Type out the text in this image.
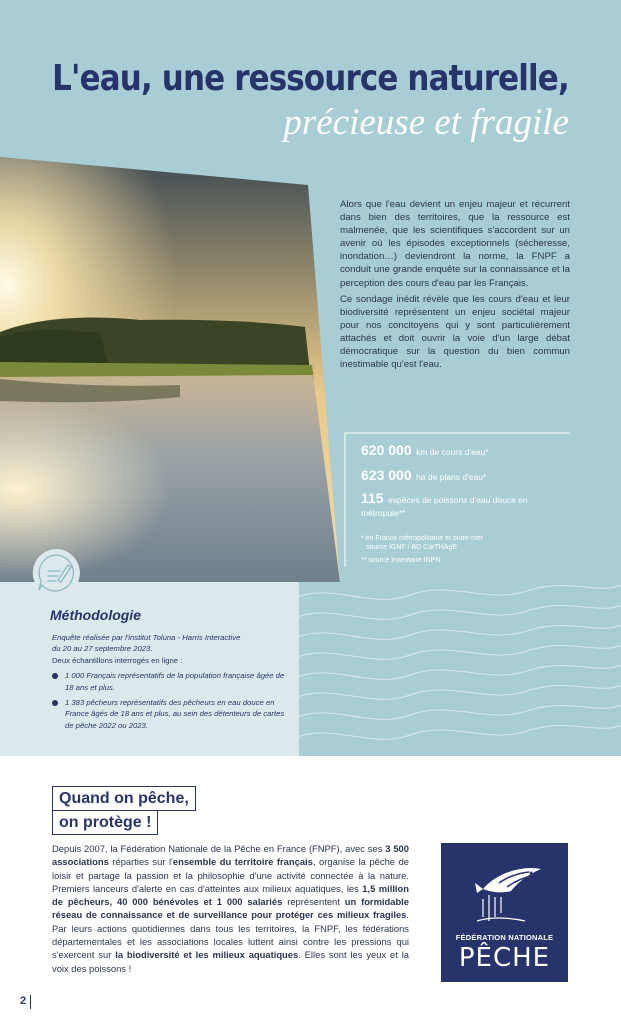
L'eau, une ressource naturelle,
précieuse et fragile

Alors que l'eau devient un enjeu majeur et récurrent dans bien des territoires, que la ressource est malmenée, que les scientifiques s'accordent sur un avenir où les épisodes exceptionnels (sécheresse, inondation…) deviendront la norme, la FNPF a conduit une grande enquête sur la connaissance et la perception des cours d'eau par les Français.

Ce sondage inédit révèle que les cours d'eau et leur biodiversité représentent un enjeu sociétal majeur pour nos concitoyens qui y sont particulièrement attachés et doit ouvrir la voie d'un large débat démocratique sur la question du bien commun inestimable qu'est l'eau.

620 000 km de cours d'eau*
623 000 ha de plans d'eau*
115 espèces de poissons d'eau douce en métropole**
* en France métropolitaine et outre-mer
source IGNF / BD CarTHAgE
** source inventaire INPN
Méthodologie
Enquête réalisée par l'institut Toluna - Harris Interactive
du 20 au 27 septembre 2023.
Deux échantillons interrogés en ligne :
1 000 Français représentatifs de la population française âgée de 18 ans et plus.
1 383 pêcheurs représentatifs des pêcheurs en eau douce en France âgés de 18 ans et plus, au sein des détenteurs de cartes de pêche 2022 ou 2023.
Quand on pêche,
on protège !
Depuis 2007, la Fédération Nationale de la Pêche en France (FNPF), avec ses 3 500 associations réparties sur l'ensemble du territoire français, organise la pêche de loisir et partage la passion et la philosophie d'une activité connectée à la nature. Premiers lanceurs d'alerte en cas d'atteintes aux milieux aquatiques, les 1,5 million de pêcheurs, 40 000 bénévoles et 1 000 salariés représentent un formidable réseau de connaissance et de surveillance pour protéger ces milieux fragiles. Par leurs actions quotidiennes dans tous les territoires, la FNPF, les fédérations départementales et les associations locales luttent ainsi contre les pressions qui s'exercent sur la biodiversité et les milieux aquatiques. Elles sont les yeux et la voix des poissons !
FÉDÉRATION NATIONALE
PÊCHE
2
